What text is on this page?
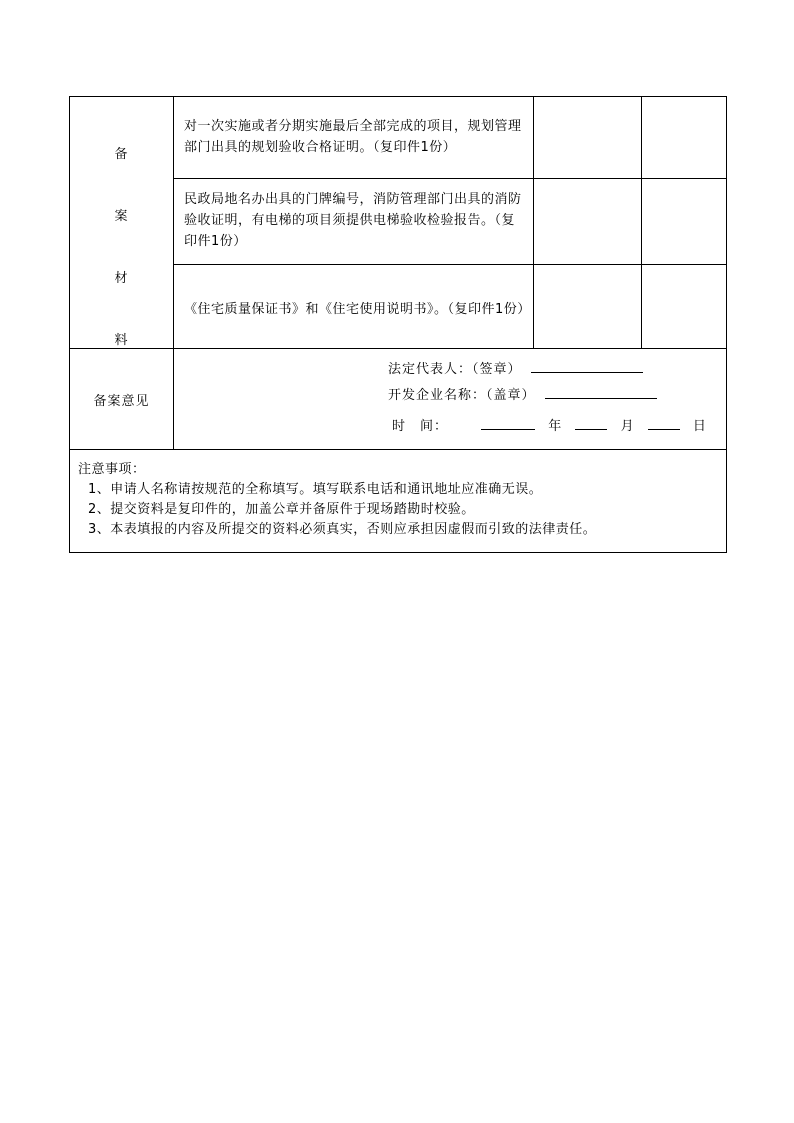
备
案
材
料	对一次实施或者分期实施最后全部完成的项目，规划管理部门出具的规划验收合格证明。（复印件1份）		

	民政局地名办出具的门牌编号，消防管理部门出具的消防验收证明，有电梯的项目须提供电梯验收检验报告。（复印件1份）		

	《住宅质量保证书》和《住宅使用说明书》。（复印件1份）		

备案意见	法定代表人：（签章）
开发企业名称：（盖章）
时　间： 年 月 日		

注意事项：
1、申请人名称请按规范的全称填写。填写联系电话和通讯地址应准确无误。
2、提交资料是复印件的，加盖公章并备原件于现场踏勘时校验。
3、本表填报的内容及所提交的资料必须真实，否则应承担因虚假而引致的法律责任。			
